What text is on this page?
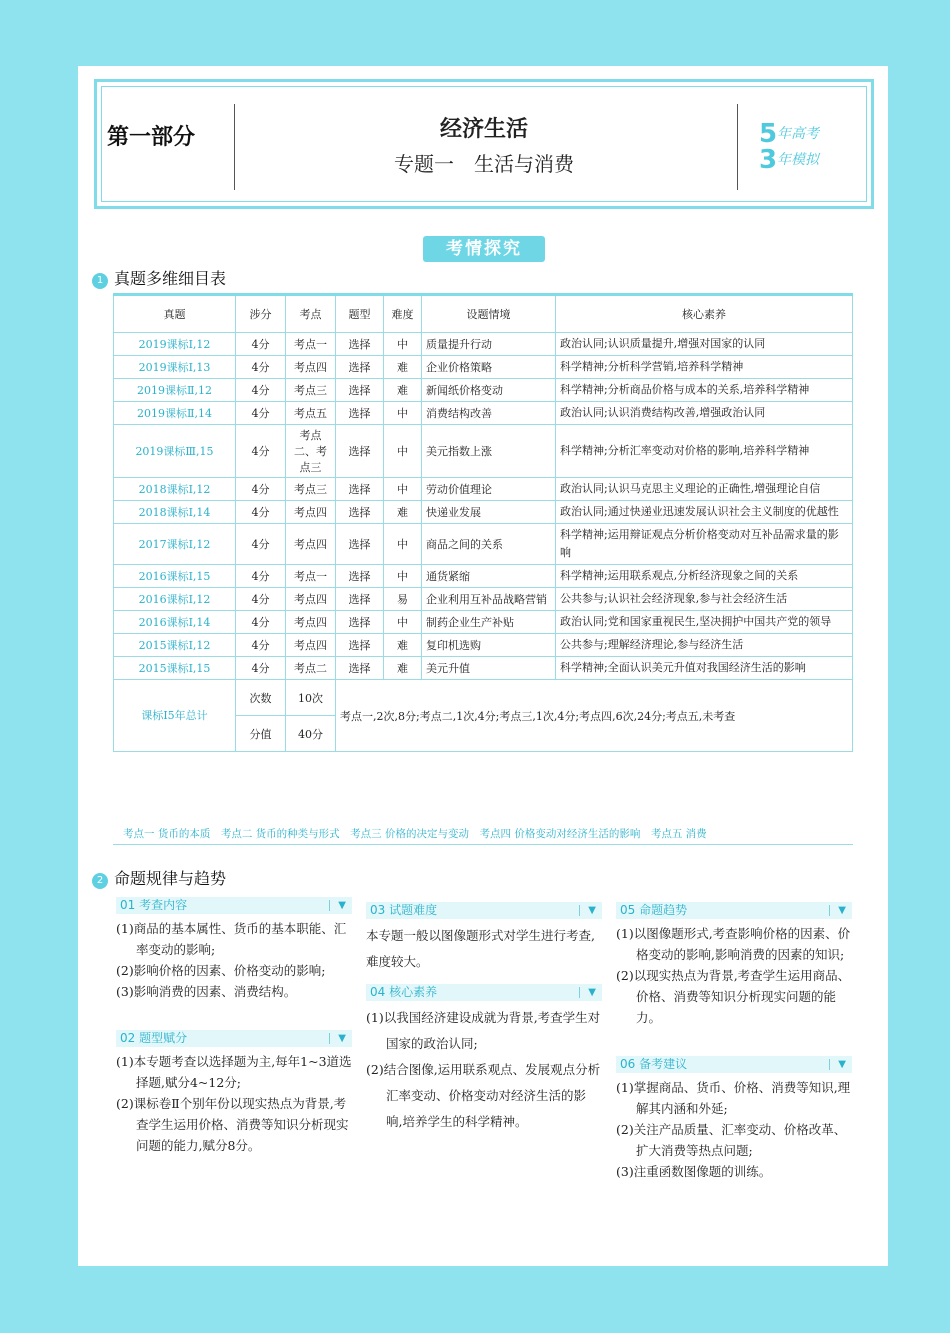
第一部分	经济生活
专题一　生活与消费
5
3
年高考
年模拟
考情探究
1 真题多维细目表
真题	涉分	考点	题型	难度	设题情境	核心素养
2019课标Ⅰ,12	4分	考点一	选择	中	质量提升行动	政治认同;认识质量提升,增强对国家的认同
2019课标Ⅰ,13	4分	考点四	选择	难	企业价格策略	科学精神;分析科学营销,培养科学精神
2019课标Ⅱ,12	4分	考点三	选择	难	新闻纸价格变动	科学精神;分析商品价格与成本的关系,培养科学精神
2019课标Ⅱ,14	4分	考点五	选择	中	消费结构改善	政治认同;认识消费结构改善,增强政治认同
2019课标Ⅲ,15	4分	考点二、考点三	选择	中	美元指数上涨	科学精神;分析汇率变动对价格的影响,培养科学精神
2018课标Ⅰ,12	4分	考点三	选择	中	劳动价值理论	政治认同;认识马克思主义理论的正确性,增强理论自信
2018课标Ⅰ,14	4分	考点四	选择	难	快递业发展	政治认同;通过快递业迅速发展认识社会主义制度的优越性
2017课标Ⅰ,12	4分	考点四	选择	中	商品之间的关系	科学精神;运用辩证观点分析价格变动对互补品需求量的影响
2016课标Ⅰ,15	4分	考点一	选择	中	通货紧缩	科学精神;运用联系观点,分析经济现象之间的关系
2016课标Ⅰ,12	4分	考点四	选择	易	企业利用互补品战略营销	公共参与;认识社会经济现象,参与社会经济生活
2016课标Ⅰ,14	4分	考点四	选择	中	制药企业生产补贴	政治认同;党和国家重视民生,坚决拥护中国共产党的领导
2015课标Ⅰ,12	4分	考点四	选择	难	复印机选购	公共参与;理解经济理论,参与经济生活
2015课标Ⅰ,15	4分	考点二	选择	难	美元升值	科学精神;全面认识美元升值对我国经济生活的影响
课标Ⅰ5年总计	次数	10次	考点一,2次,8分;考点二,1次,4分;考点三,1次,4分;考点四,6次,24分;考点五,未考查			
	分值	40分				
考点一 货币的本质　考点二 货币的种类与形式　考点三 价格的决定与变动　考点四 价格变动对经济生活的影响　考点五 消费
2 命题规律与趋势
01 考查内容	▼

(1)商品的基本属性、货币的基本职能、汇率变动的影响;

(2)影响价格的因素、价格变动的影响;

(3)影响消费的因素、消费结构。

02 题型赋分	▼

(1)本专题考查以选择题为主,每年1~3道选择题,赋分4~12分;

(2)课标卷Ⅱ个别年份以现实热点为背景,考查学生运用价格、消费等知识分析现实问题的能力,赋分8分。

03 试题难度	▼

本专题一般以图像题形式对学生进行考查,难度较大。

04 核心素养	▼

(1)以我国经济建设成就为背景,考查学生对国家的政治认同;

(2)结合图像,运用联系观点、发展观点分析汇率变动、价格变动对经济生活的影响,培养学生的科学精神。

05 命题趋势	▼

(1)以图像题形式,考查影响价格的因素、价格变动的影响,影响消费的因素的知识;

(2)以现实热点为背景,考查学生运用商品、价格、消费等知识分析现实问题的能力。

06 备考建议	▼

(1)掌握商品、货币、价格、消费等知识,理解其内涵和外延;

(2)关注产品质量、汇率变动、价格改革、扩大消费等热点问题;

(3)注重函数图像题的训练。
